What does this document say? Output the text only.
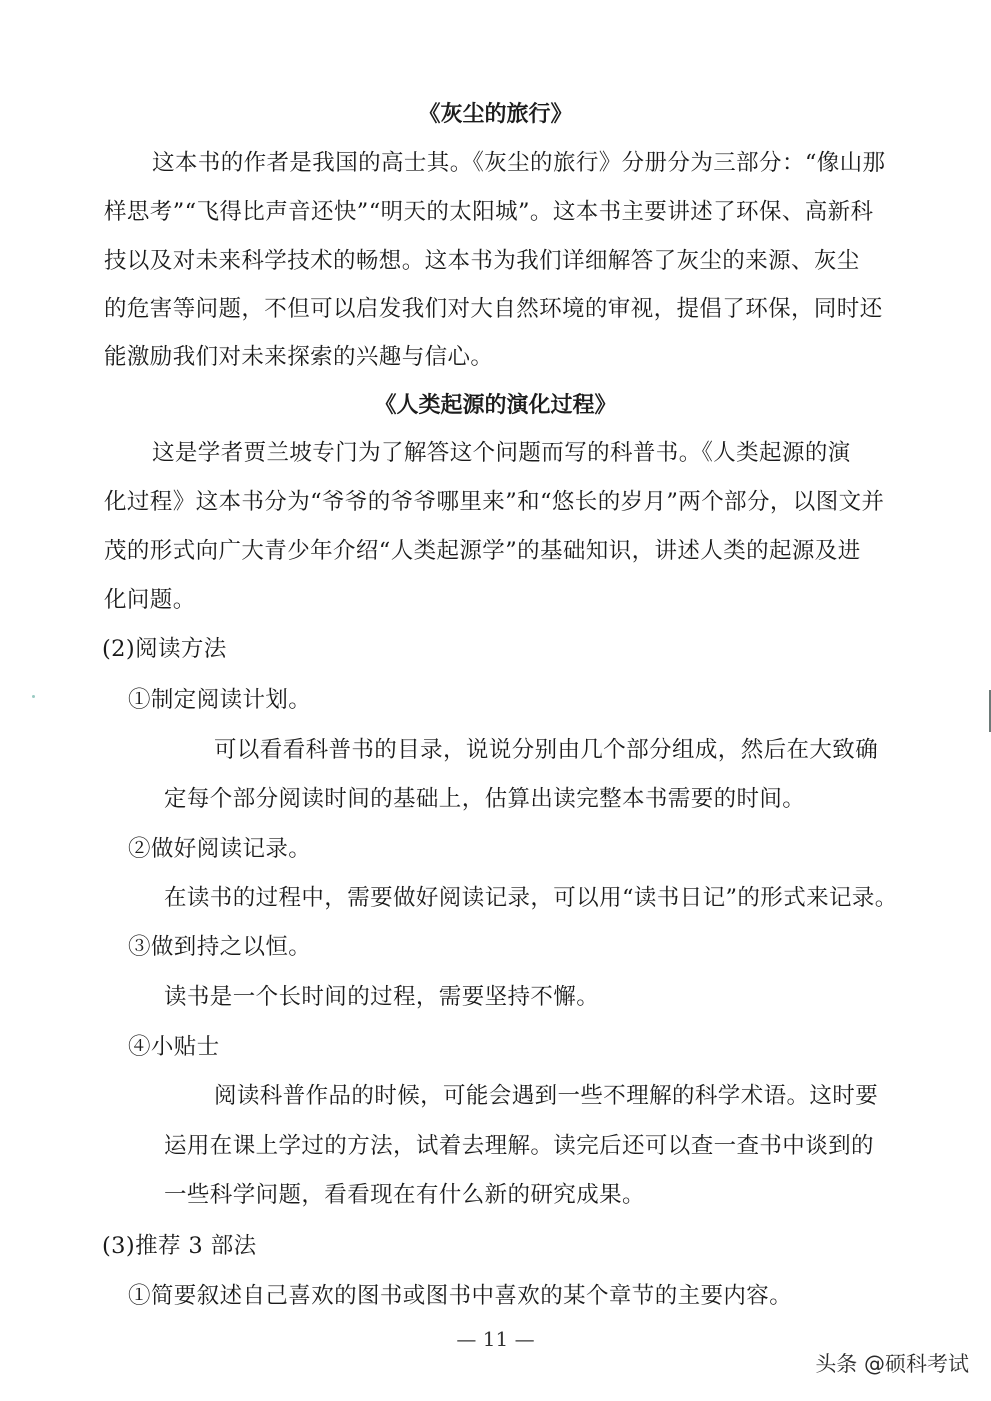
《灰尘的旅行》
这本书的作者是我国的高士其。《灰尘的旅行》分册分为三部分：“像山那
样思考”“飞得比声音还快”“明天的太阳城”。这本书主要讲述了环保、高新科
技以及对未来科学技术的畅想。这本书为我们详细解答了灰尘的来源、灰尘
的危害等问题，不但可以启发我们对大自然环境的审视，提倡了环保，同时还
能激励我们对未来探索的兴趣与信心。
《人类起源的演化过程》
这是学者贾兰坡专门为了解答这个问题而写的科普书。《人类起源的演
化过程》这本书分为“爷爷的爷爷哪里来”和“悠长的岁月”两个部分，以图文并
茂的形式向广大青少年介绍“人类起源学”的基础知识，讲述人类的起源及进
化问题。
(2)阅读方法
①制定阅读计划。
可以看看科普书的目录，说说分别由几个部分组成，然后在大致确
定每个部分阅读时间的基础上，估算出读完整本书需要的时间。
②做好阅读记录。
在读书的过程中，需要做好阅读记录，可以用“读书日记”的形式来记录。
③做到持之以恒。
读书是一个长时间的过程，需要坚持不懈。
④小贴士
阅读科普作品的时候，可能会遇到一些不理解的科学术语。这时要
运用在课上学过的方法，试着去理解。读完后还可以查一查书中谈到的
一些科学问题，看看现在有什么新的研究成果。
(3)推荐 3 部法
①简要叙述自己喜欢的图书或图书中喜欢的某个章节的主要内容。
— 11 —
头条 @硕科考试
